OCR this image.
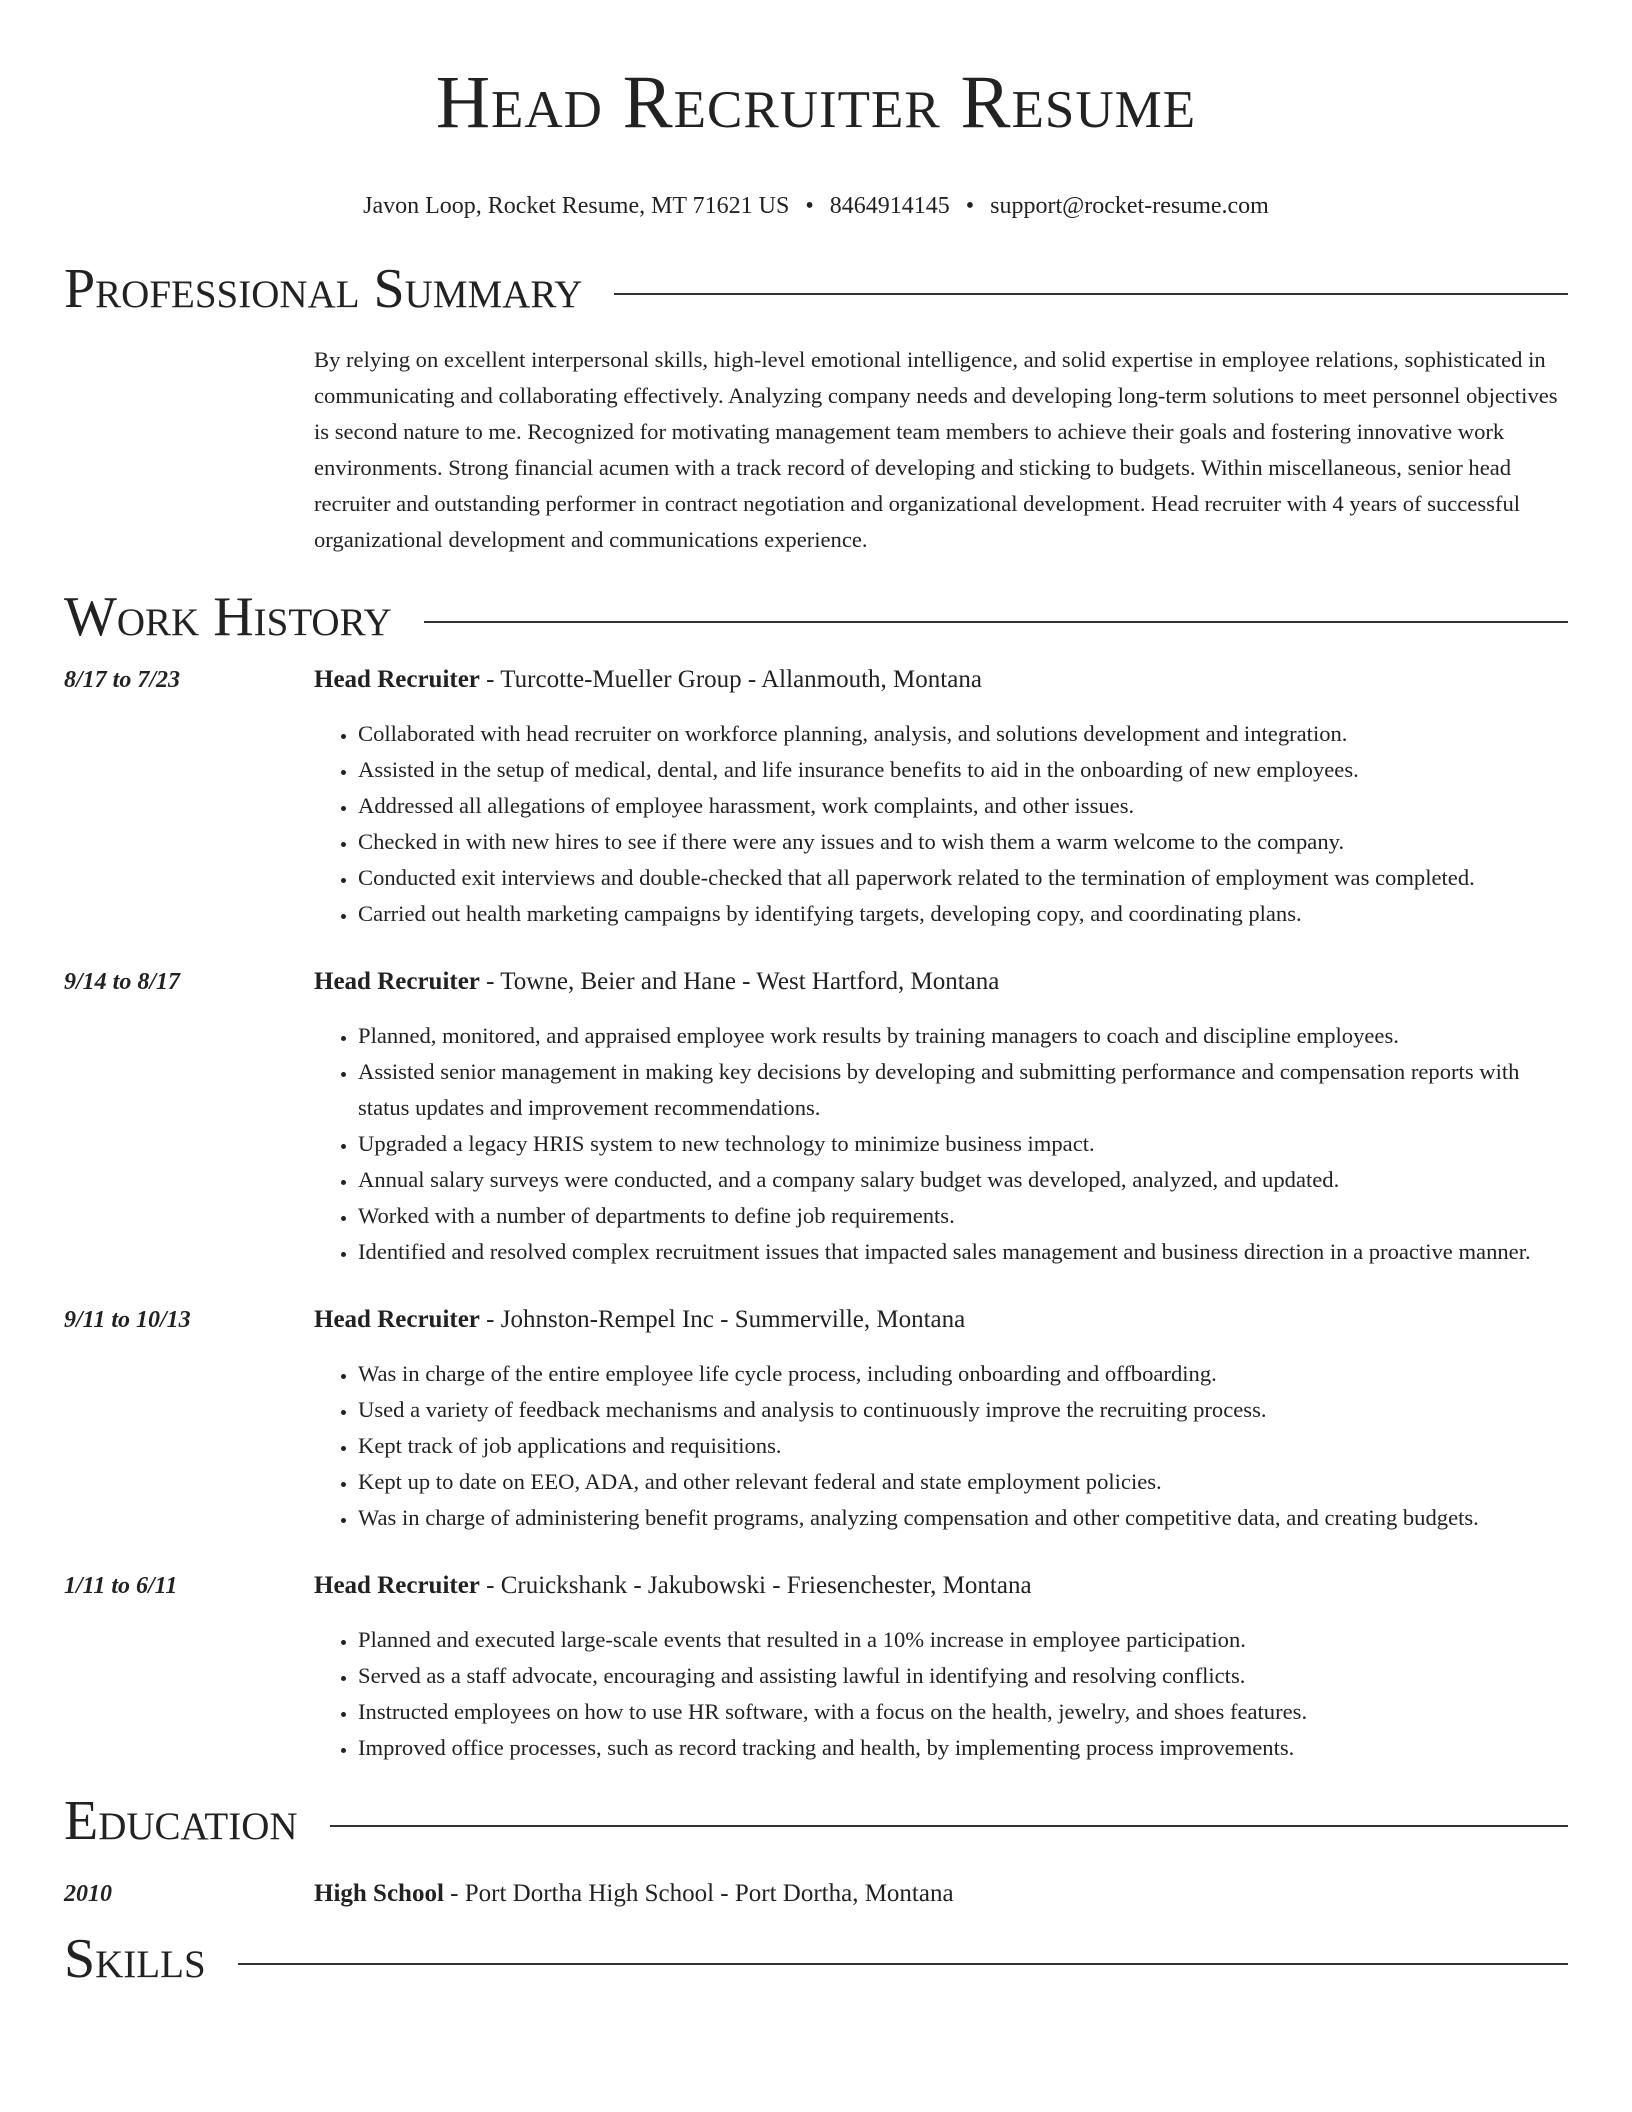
Head Recruiter Resume
Javon Loop, Rocket Resume, MT 71621 US • 8464914145 • support@rocket-resume.com
Professional Summary

By relying on excellent interpersonal skills, high-level emotional intelligence, and solid expertise in employee relations, sophisticated in communicating and collaborating effectively. Analyzing company needs and developing long-term solutions to meet personnel objectives is second nature to me. Recognized for motivating management team members to achieve their goals and fostering innovative work environments. Strong financial acumen with a track record of developing and sticking to budgets. Within miscellaneous, senior head recruiter and outstanding performer in contract negotiation and organizational development. Head recruiter with 4 years of successful organizational development and communications experience.

Work History
8/17 to 7/23	Head Recruiter - Turcotte-Mueller Group - Allanmouth, Montana
• Collaborated with head recruiter on workforce planning, analysis, and solutions development and integration.
• Assisted in the setup of medical, dental, and life insurance benefits to aid in the onboarding of new employees.
• Addressed all allegations of employee harassment, work complaints, and other issues.
• Checked in with new hires to see if there were any issues and to wish them a warm welcome to the company.
• Conducted exit interviews and double-checked that all paperwork related to the termination of employment was completed.
• Carried out health marketing campaigns by identifying targets, developing copy, and coordinating plans.
9/14 to 8/17	Head Recruiter - Towne, Beier and Hane - West Hartford, Montana
• Planned, monitored, and appraised employee work results by training managers to coach and discipline employees.
• Assisted senior management in making key decisions by developing and submitting performance and compensation reports with status updates and improvement recommendations.
• Upgraded a legacy HRIS system to new technology to minimize business impact.
• Annual salary surveys were conducted, and a company salary budget was developed, analyzed, and updated.
• Worked with a number of departments to define job requirements.
• Identified and resolved complex recruitment issues that impacted sales management and business direction in a proactive manner.
9/11 to 10/13	Head Recruiter - Johnston-Rempel Inc - Summerville, Montana
• Was in charge of the entire employee life cycle process, including onboarding and offboarding.
• Used a variety of feedback mechanisms and analysis to continuously improve the recruiting process.
• Kept track of job applications and requisitions.
• Kept up to date on EEO, ADA, and other relevant federal and state employment policies.
• Was in charge of administering benefit programs, analyzing compensation and other competitive data, and creating budgets.
1/11 to 6/11	Head Recruiter - Cruickshank - Jakubowski - Friesenchester, Montana
• Planned and executed large-scale events that resulted in a 10% increase in employee participation.
• Served as a staff advocate, encouraging and assisting lawful in identifying and resolving conflicts.
• Instructed employees on how to use HR software, with a focus on the health, jewelry, and shoes features.
• Improved office processes, such as record tracking and health, by implementing process improvements.
Education
2010	High School - Port Dortha High School - Port Dortha, Montana
Skills
